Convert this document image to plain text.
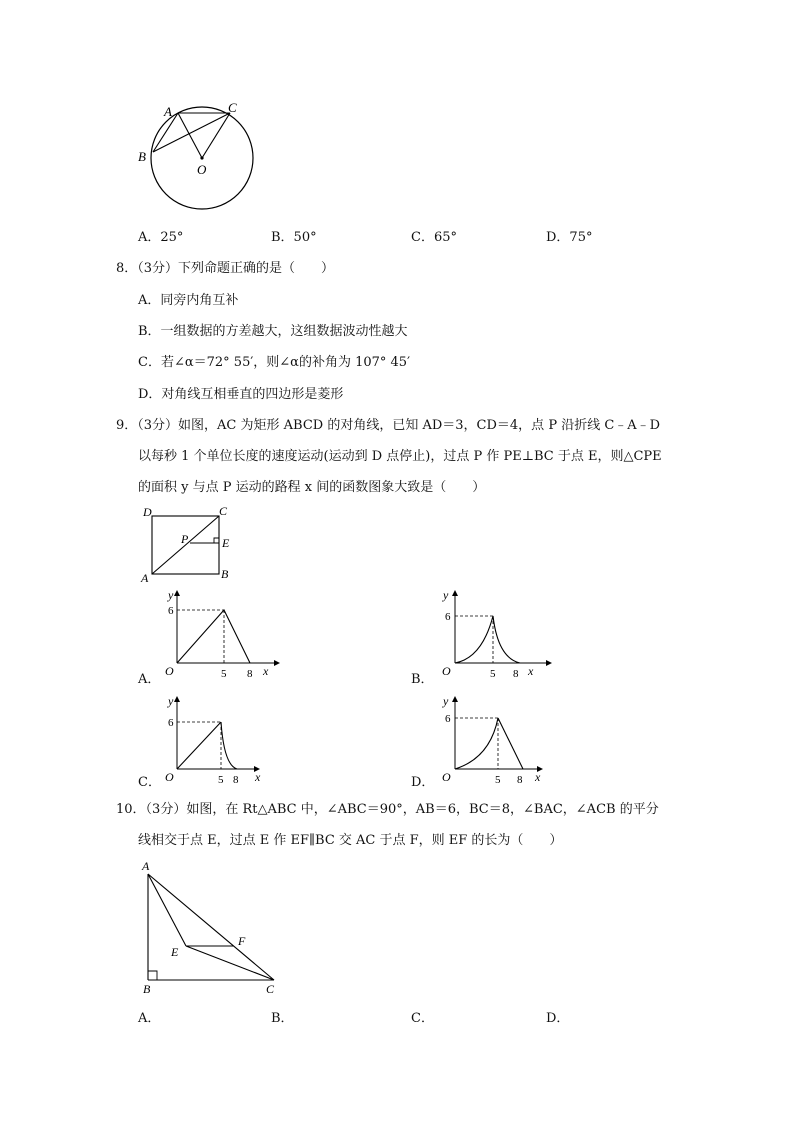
A	C
B
O
A．25°	B．50°	C．65°	D．75°
8．（3分）下列命题正确的是（　　）
A．同旁内角互补
B．一组数据的方差越大，这组数据波动性越大
C．若∠α＝72° 55′，则∠α的补角为 107° 45′
D．对角线互相垂直的四边形是菱形
9．（3分）如图，AC 为矩形 ABCD 的对角线，已知 AD＝3，CD＝4，点 P 沿折线 C﹣A﹣D
以每秒 1 个单位长度的速度运动(运动到 D 点停止)，过点 P 作 PE⊥BC 于点 E，则△CPE
的面积 y 与点 P 运动的路程 x 间的函数图象大致是（　　）
D	C
A	B
P	E
A．
y
6
O	5 8 x
B．
y
6
O	5 8 x
C．
y
6
O	5 8 x	D．
y
6
O	5 8 x
10．（3分）如图，在 Rt△ABC 中，∠ABC＝90°，AB＝6，BC＝8，∠BAC，∠ACB 的平分
线相交于点 E，过点 E 作 EF∥BC 交 AC 于点 F，则 EF 的长为（　　）
A
B	C
E
F
A．	B．	C．	D．
